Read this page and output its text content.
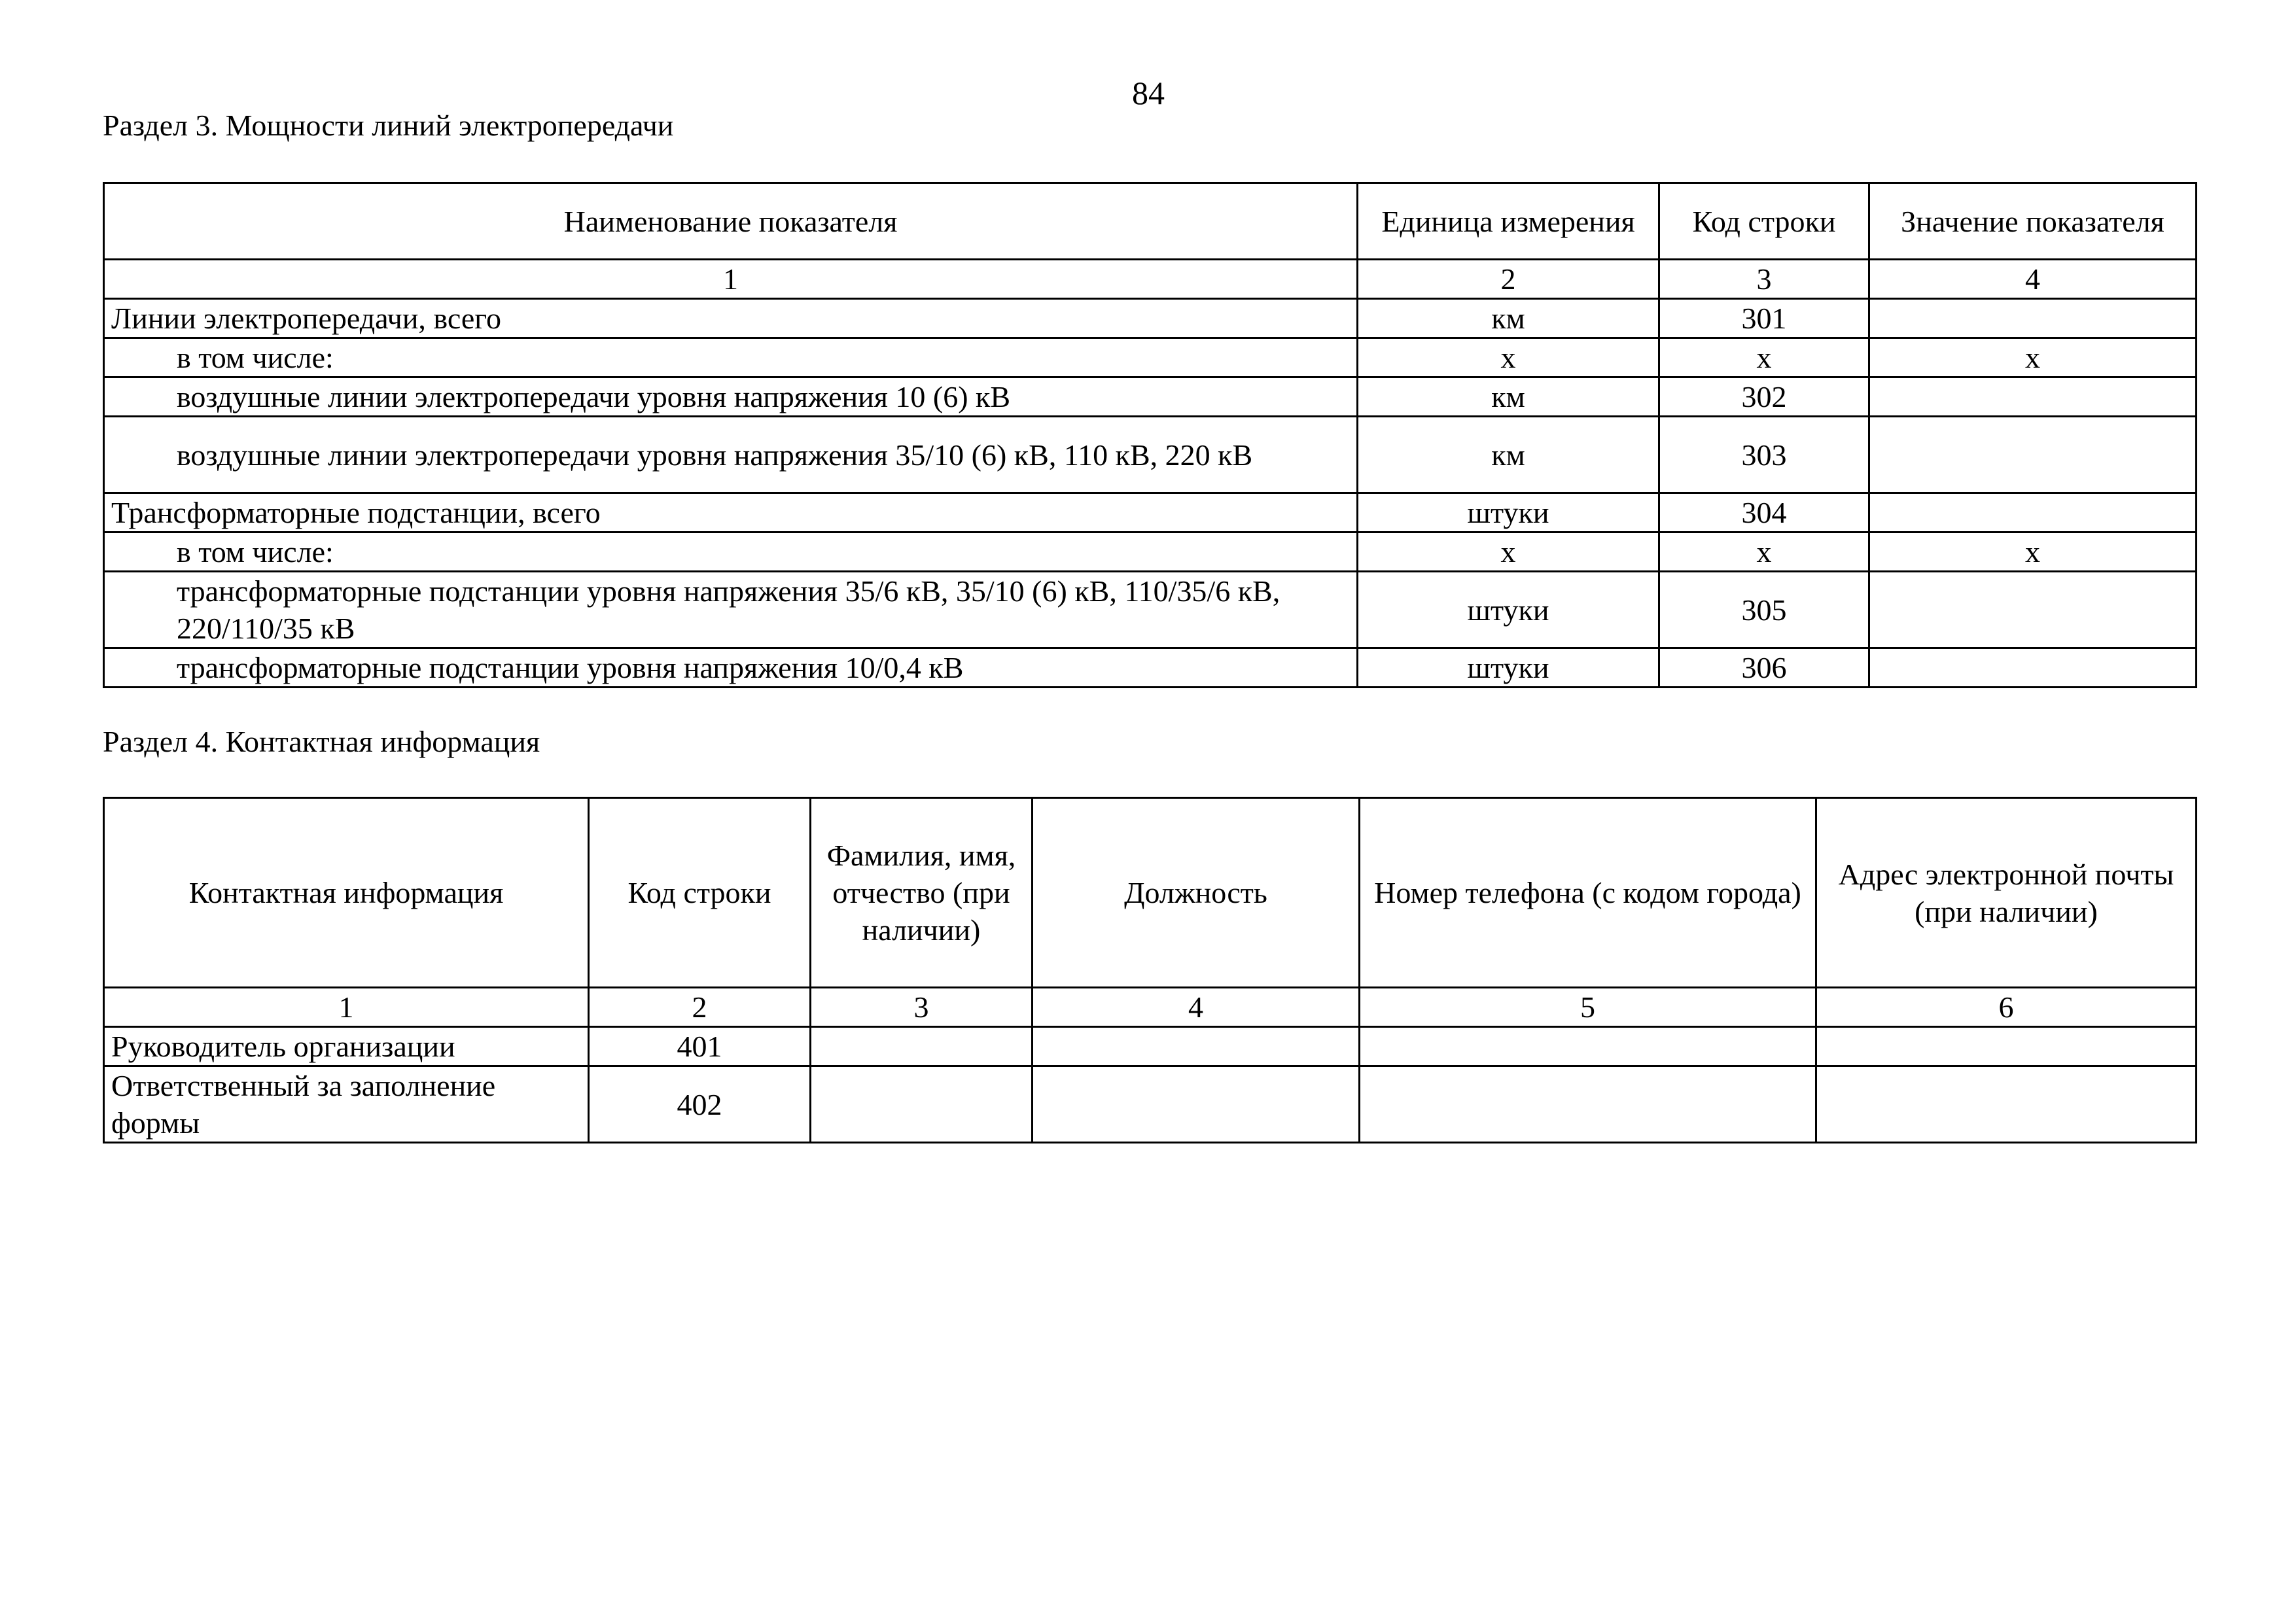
84
Раздел 3. Мощности линий электропередачи
Наименование показателя	Единица измерения	Код строки	Значение показателя
1	2	3	4
Линии электропередачи, всего	км	301	
в том числе:	x	x	x
воздушные линии электропередачи уровня напряжения 10 (6) кВ	км	302	
воздушные линии электропередачи уровня напряжения 35/10 (6) кВ, 110 кВ, 220 кВ	км	303	
Трансформаторные подстанции, всего	штуки	304	
в том числе:	x	x	x
трансформаторные подстанции уровня напряжения 35/6 кВ, 35/10 (6) кВ, 110/35/6 кВ, 220/110/35 кВ	штуки	305	
трансформаторные подстанции уровня напряжения 10/0,4 кВ	штуки	306	
Раздел 4. Контактная информация
Контактная информация	Код строки	Фамилия, имя, отчество (при наличии)	Должность	Номер телефона (с кодом города)	Адрес электронной почты (при наличии)
1	2	3	4	5	6
Руководитель организации	401				
Ответственный за заполнение формы	402				
